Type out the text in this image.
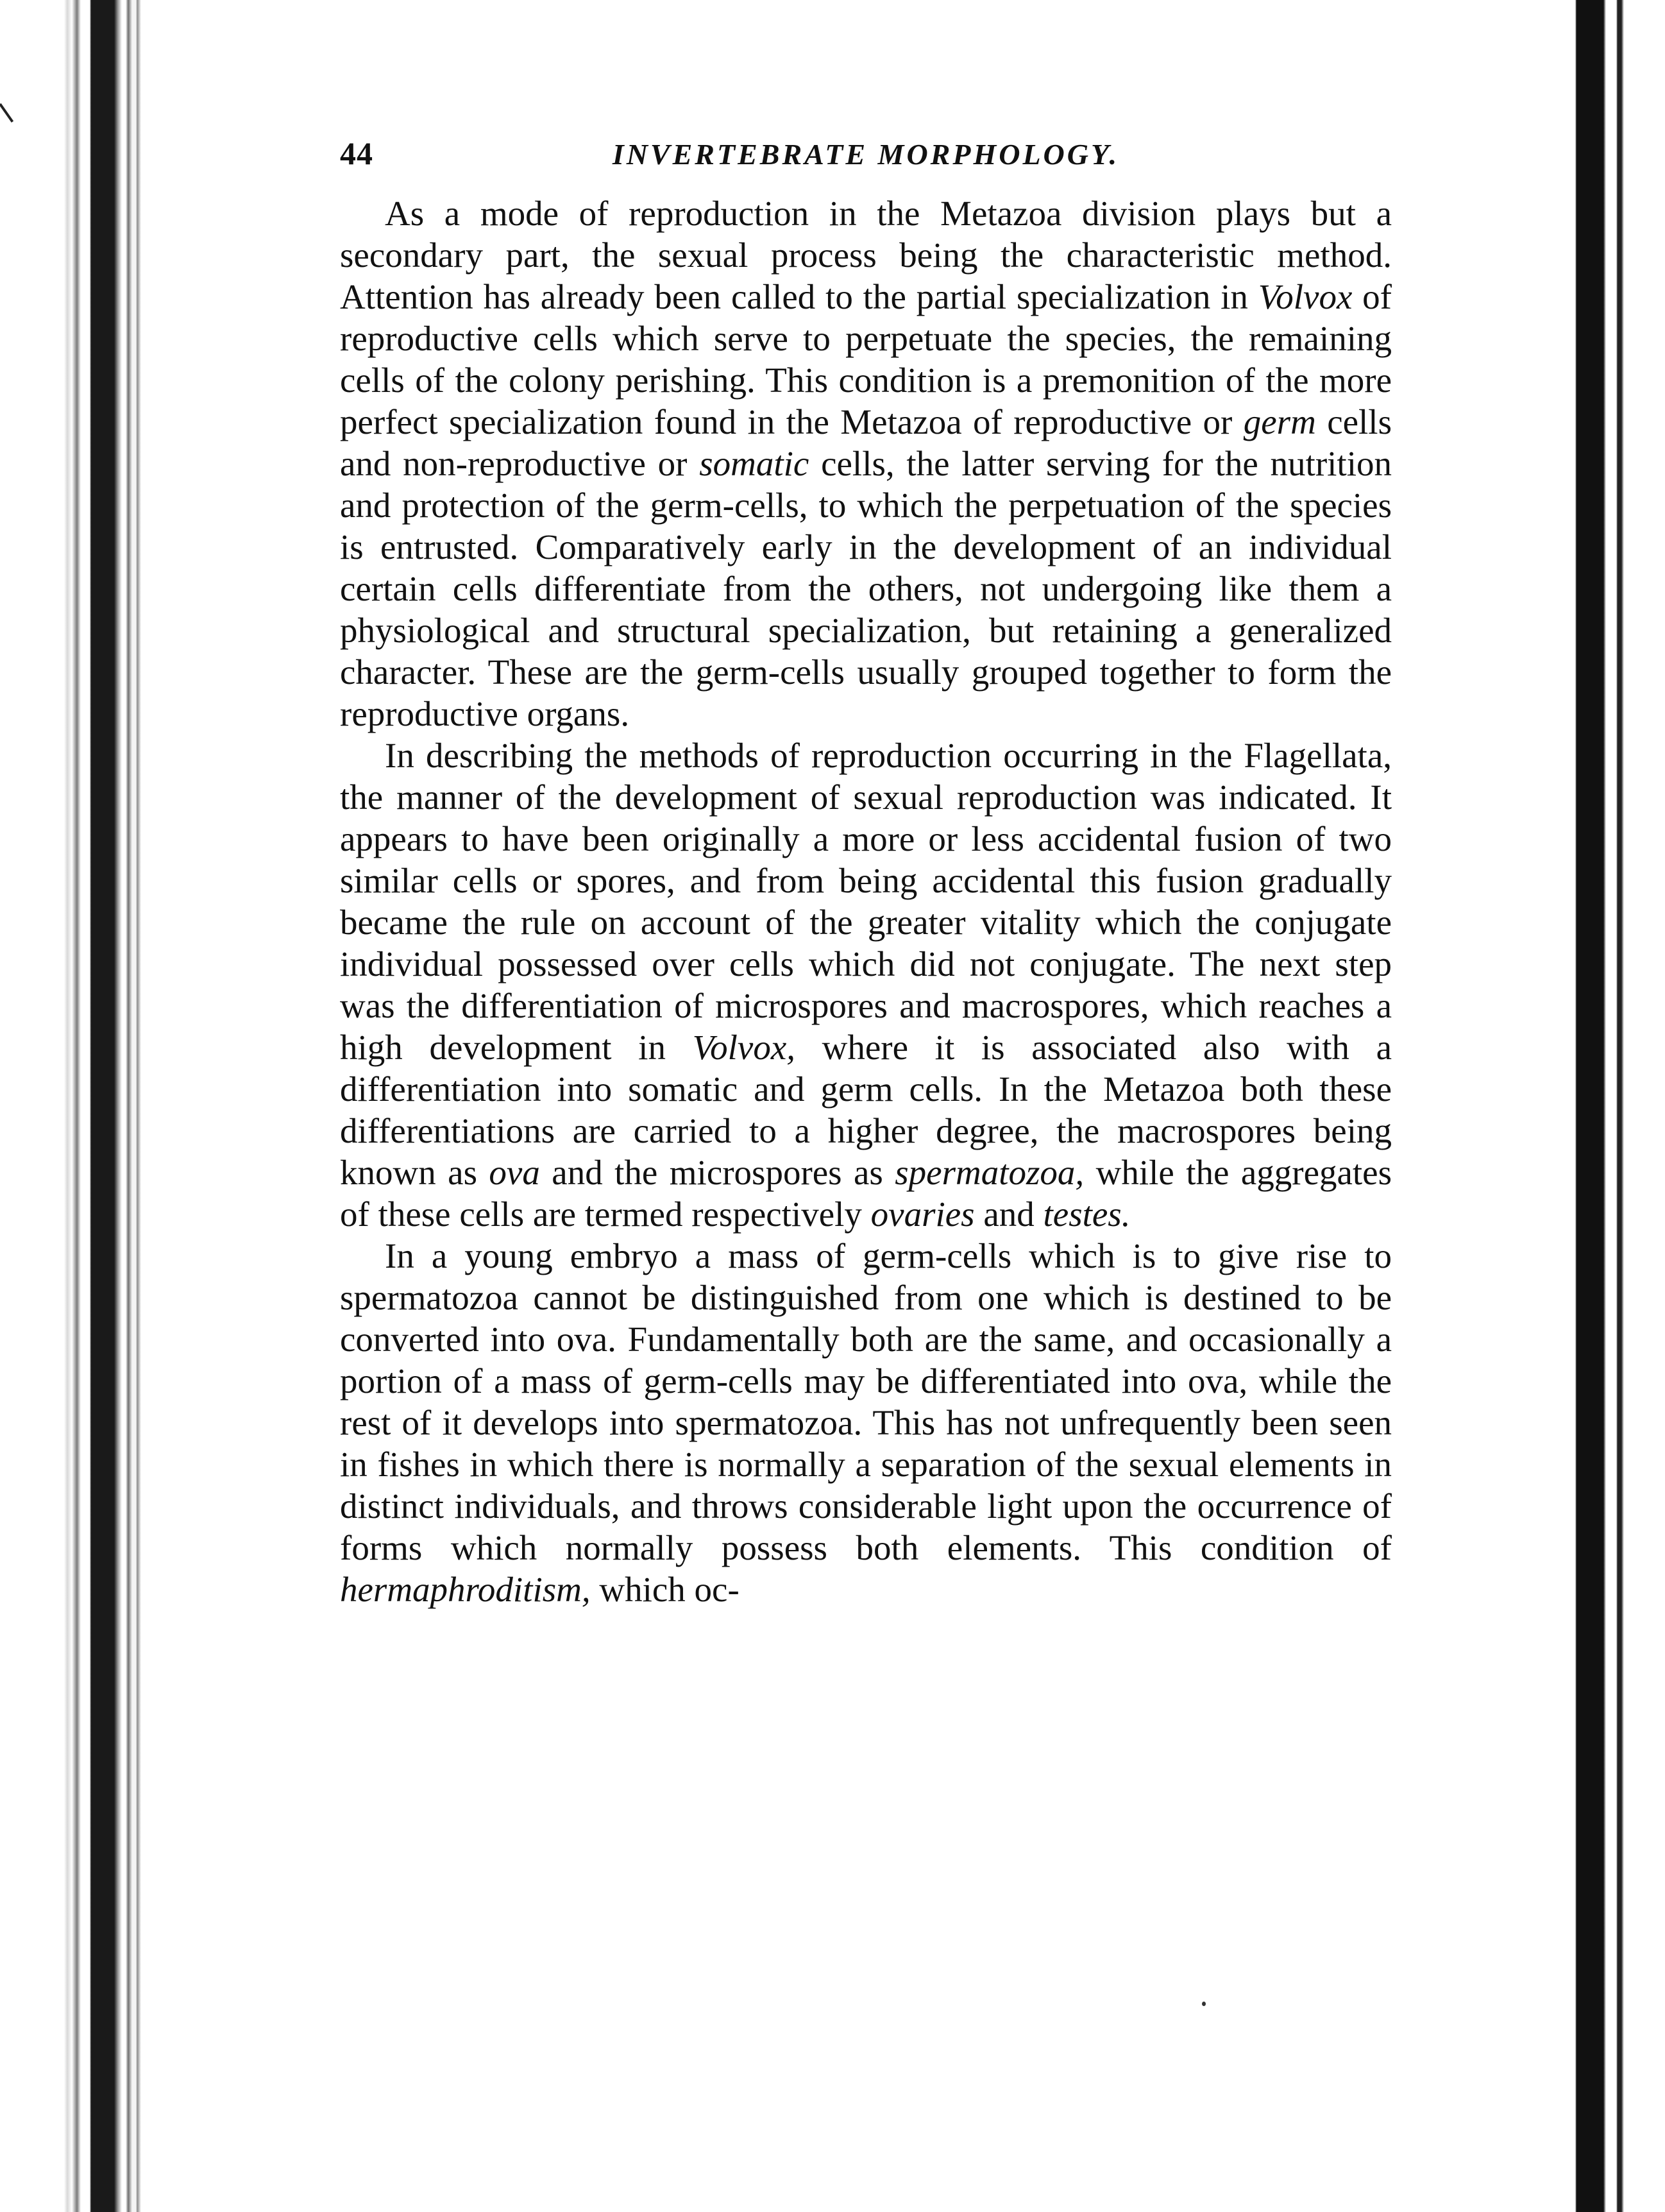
44	INVERTEBRATE MORPHOLOGY.

As a mode of reproduction in the Metazoa division plays but a secondary part, the sexual process being the characteristic method. Attention has already been called to the partial specialization in Volvox of reproductive cells which serve to perpetuate the species, the remaining cells of the colony perishing. This condition is a premonition of the more perfect specialization found in the Metazoa of reproductive or germ cells and non-reproductive or somatic cells, the latter serving for the nutrition and protection of the germ-cells, to which the perpetuation of the species is entrusted. Comparatively early in the development of an individual certain cells differentiate from the others, not undergoing like them a physiological and structural specialization, but retaining a generalized character. These are the germ-cells usually grouped together to form the reproductive organs.

In describing the methods of reproduction occurring in the Flagellata, the manner of the development of sexual reproduction was indicated. It appears to have been originally a more or less accidental fusion of two similar cells or spores, and from being accidental this fusion gradually became the rule on account of the greater vitality which the conjugate individual possessed over cells which did not conjugate. The next step was the differentiation of microspores and macrospores, which reaches a high development in Volvox, where it is associated also with a differentiation into somatic and germ cells. In the Metazoa both these differentiations are carried to a higher degree, the macrospores being known as ova and the microspores as spermatozoa, while the aggregates of these cells are termed respectively ovaries and testes.

In a young embryo a mass of germ-cells which is to give rise to spermatozoa cannot be distinguished from one which is destined to be converted into ova. Fundamentally both are the same, and occasionally a portion of a mass of germ-cells may be differentiated into ova, while the rest of it develops into spermatozoa. This has not unfrequently been seen in fishes in which there is normally a separation of the sexual elements in distinct individuals, and throws considerable light upon the occurrence of forms which normally possess both elements. This condition of hermaphroditism, which oc-
